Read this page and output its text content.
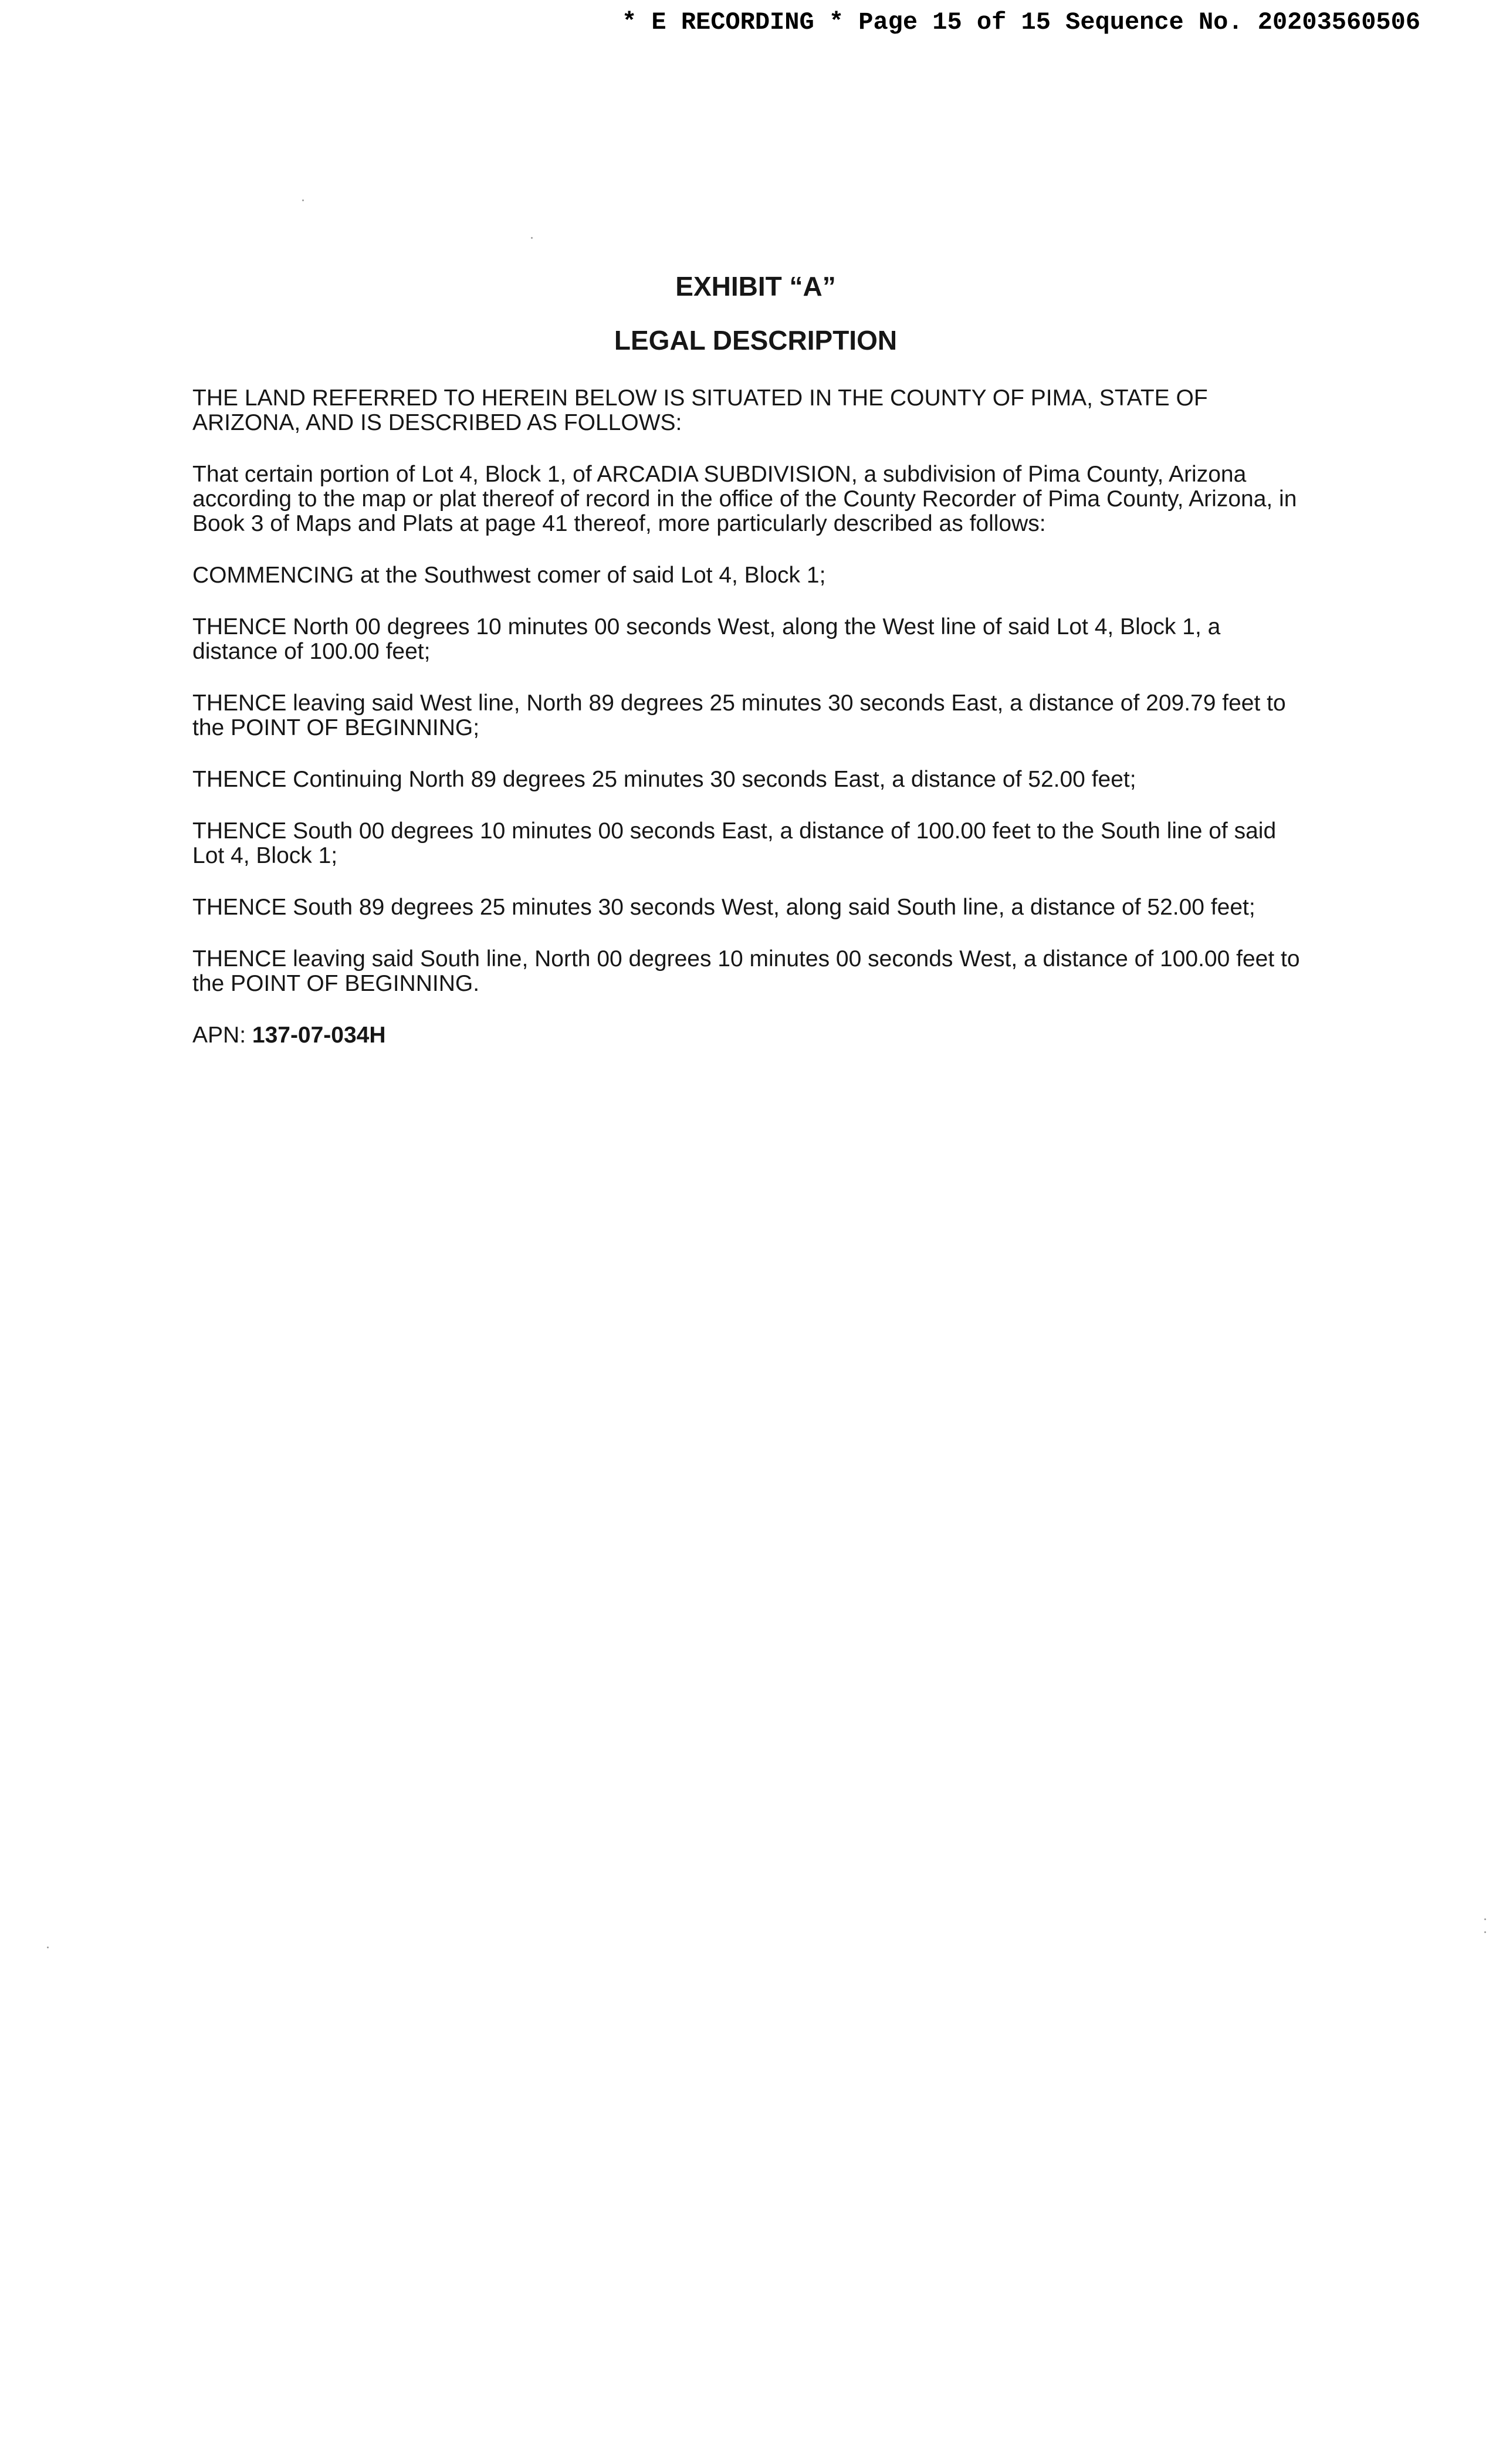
* E RECORDING * Page 15 of 15 Sequence No. 20203560506
EXHIBIT “A”
LEGAL DESCRIPTION

THE LAND REFERRED TO HEREIN BELOW IS SITUATED IN THE COUNTY OF PIMA, STATE OF ARIZONA, AND IS DESCRIBED AS FOLLOWS:

That certain portion of Lot 4, Block 1, of ARCADIA SUBDIVISION, a subdivision of Pima County, Arizona according to the map or plat thereof of record in the office of the County Recorder of Pima County, Arizona, in Book 3 of Maps and Plats at page 41 thereof, more particularly described as follows:

COMMENCING at the Southwest comer of said Lot 4, Block 1;

THENCE North 00 degrees 10 minutes 00 seconds West, along the West line of said Lot 4, Block 1, a distance of 100.00 feet;

THENCE leaving said West line, North 89 degrees 25 minutes 30 seconds East, a distance of 209.79 feet to the POINT OF BEGINNING;

THENCE Continuing North 89 degrees 25 minutes 30 seconds East, a distance of 52.00 feet;

THENCE South 00 degrees 10 minutes 00 seconds East, a distance of 100.00 feet to the South line of said Lot 4, Block 1;

THENCE South 89 degrees 25 minutes 30 seconds West, along said South line, a distance of 52.00 feet;

THENCE leaving said South line, North 00 degrees 10 minutes 00 seconds West, a distance of 100.00 feet to the POINT OF BEGINNING.

APN: 137-07-034H
